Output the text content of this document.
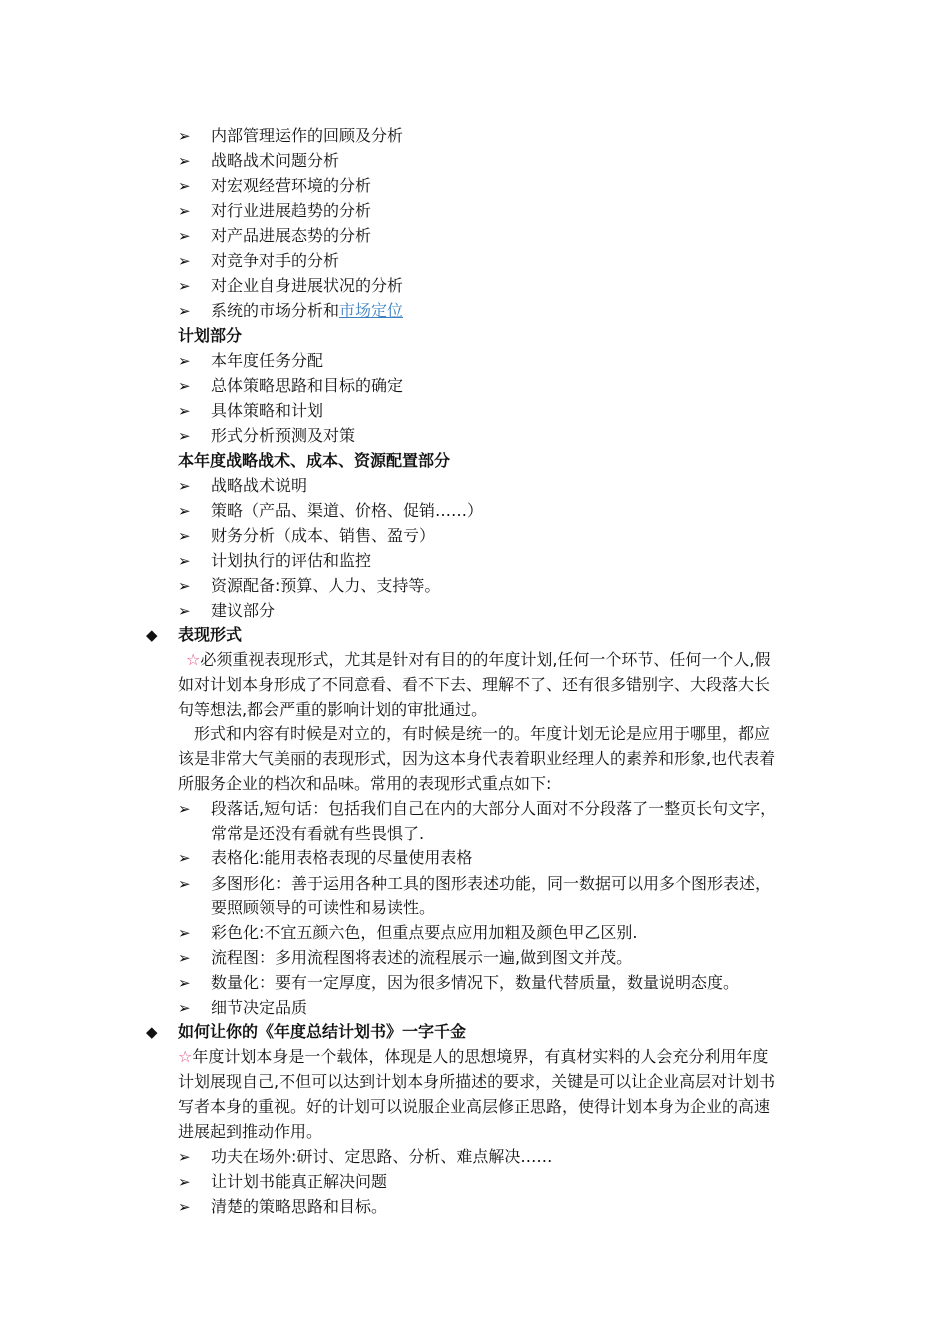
➢ 内部管理运作的回顾及分析
➢ 战略战术问题分析
➢ 对宏观经营环境的分析
➢ 对行业进展趋势的分析
➢ 对产品进展态势的分析
➢ 对竞争对手的分析
➢ 对企业自身进展状况的分析
➢ 系统的市场分析和市场定位
计划部分
➢ 本年度任务分配
➢ 总体策略思路和目标的确定
➢ 具体策略和计划
➢ 形式分析预测及对策
本年度战略战术、成本、资源配置部分
➢ 战略战术说明
➢ 策略（产品、渠道、价格、促销……）
➢ 财务分析（成本、销售、盈亏）
➢ 计划执行的评估和监控
➢ 资源配备:预算、人力、支持等。
➢ 建议部分
◆ 表现形式
☆必须重视表现形式，尤其是针对有目的的年度计划,任何一个环节、任何一个人,假
如对计划本身形成了不同意看、看不下去、理解不了、还有很多错别字、大段落大长
句等想法,都会严重的影响计划的审批通过。
形式和内容有时候是对立的，有时候是统一的。年度计划无论是应用于哪里，都应
该是非常大气美丽的表现形式，因为这本身代表着职业经理人的素养和形象,也代表着
所服务企业的档次和品味。常用的表现形式重点如下:
➢ 段落话,短句话：包括我们自己在内的大部分人面对不分段落了一整页长句文字，
常常是还没有看就有些畏惧了.
➢ 表格化:能用表格表现的尽量使用表格
➢ 多图形化：善于运用各种工具的图形表述功能，同一数据可以用多个图形表述，
要照顾领导的可读性和易读性。
➢ 彩色化:不宜五颜六色，但重点要点应用加粗及颜色甲乙区别.
➢ 流程图：多用流程图将表述的流程展示一遍,做到图文并茂。
➢ 数量化：要有一定厚度，因为很多情况下，数量代替质量，数量说明态度。
➢ 细节决定品质
◆ 如何让你的《年度总结计划书》一字千金
☆年度计划本身是一个载体，体现是人的思想境界，有真材实料的人会充分利用年度
计划展现自己,不但可以达到计划本身所描述的要求，关键是可以让企业高层对计划书
写者本身的重视。好的计划可以说服企业高层修正思路，使得计划本身为企业的高速
进展起到推动作用。
➢ 功夫在场外:研讨、定思路、分析、难点解决……
➢ 让计划书能真正解决问题
➢ 清楚的策略思路和目标。
